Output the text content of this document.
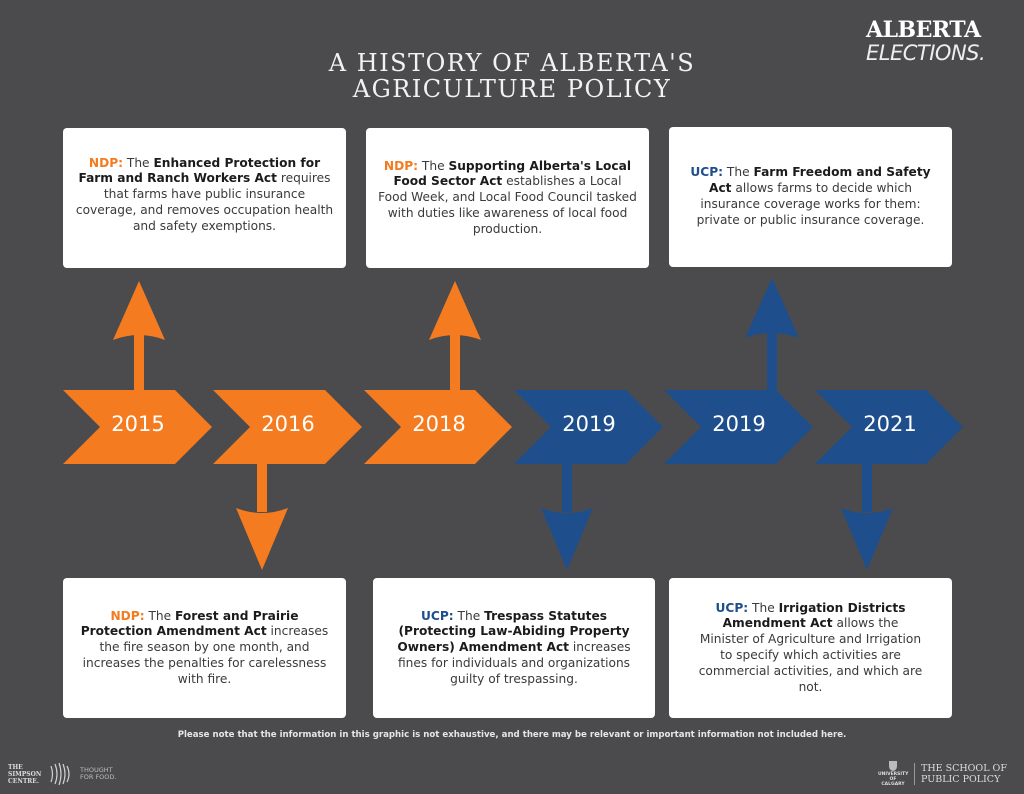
A HISTORY OF ALBERTA'S
AGRICULTURE POLICY
ALBERTA
ELECTIONS.
2015	2016	2018	2019	2019	2021
NDP: The Enhanced Protection for Farm and Ranch Workers Act requires that farms have public insurance coverage, and removes occupation health and safety exemptions.
NDP: The Supporting Alberta's Local Food Sector Act establishes a Local Food Week, and Local Food Council tasked with duties like awareness of local food production.
UCP: The Farm Freedom and Safety Act allows farms to decide which insurance coverage works for them: private or public insurance coverage.
NDP: The Forest and Prairie Protection Amendment Act increases the fire season by one month, and increases the penalties for carelessness with fire.
UCP: The Trespass Statutes (Protecting Law-Abiding Property Owners) Amendment Act increases fines for individuals and organizations guilty of trespassing.
UCP: The Irrigation Districts Amendment Act allows the Minister of Agriculture and Irrigation to specify which activities are commercial activities, and which are not.
Please note that the information in this graphic is not exhaustive, and there may be relevant or important information not included here.
THE SIMPSON CENTRE.
THOUGHT FOR FOOD.	UNIVERSITY OF CALGARY
THE SCHOOL OF PUBLIC POLICY
